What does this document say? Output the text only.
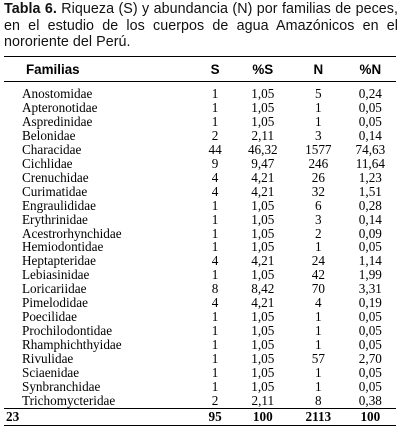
Tabla 6. Riqueza (S) y abundancia (N) por familias de peces, en el estudio de los cuerpos de agua Amazónicos en el nororiente del Perú.
Familias	S	%S	N	%N
Anostomidae	1	1,05	5	0,24
Apteronotidae	1	1,05	1	0,05
Aspredinidae	1	1,05	1	0,05
Belonidae	2	2,11	3	0,14
Characidae	44	46,32	1577	74,63
Cichlidae	9	9,47	246	11,64
Crenuchidae	4	4,21	26	1,23
Curimatidae	4	4,21	32	1,51
Engraulididae	1	1,05	6	0,28
Erythrinidae	1	1,05	3	0,14
Acestrorhynchidae	1	1,05	2	0,09
Hemiodontidae	1	1,05	1	0,05
Heptapteridae	4	4,21	24	1,14
Lebiasinidae	1	1,05	42	1,99
Loricariidae	8	8,42	70	3,31
Pimelodidae	4	4,21	4	0,19
Poecilidae	1	1,05	1	0,05
Prochilodontidae	1	1,05	1	0,05
Rhamphichthyidae	1	1,05	1	0,05
Rivulidae	1	1,05	57	2,70
Sciaenidae	1	1,05	1	0,05
Synbranchidae	1	1,05	1	0,05
Trichomycteridae	2	2,11	8	0,38
23	95	100	2113	100
